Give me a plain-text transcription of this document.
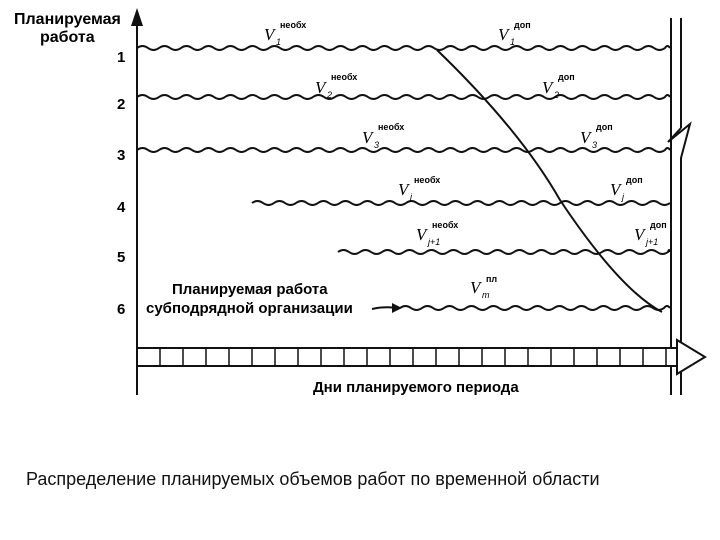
Планируемая
работа
Дни планируемого периода
1
2
3
4
5
6
V необх
1
V
необх
2
V
необх
3
V необх
j
V необх
j+1
V пл
m
V доп
1
V
доп
2
V
доп
3
V доп
j
V доп
j+1
Планируемая работа
субподрядной организации
Распределение планируемых объемов работ по временной области
